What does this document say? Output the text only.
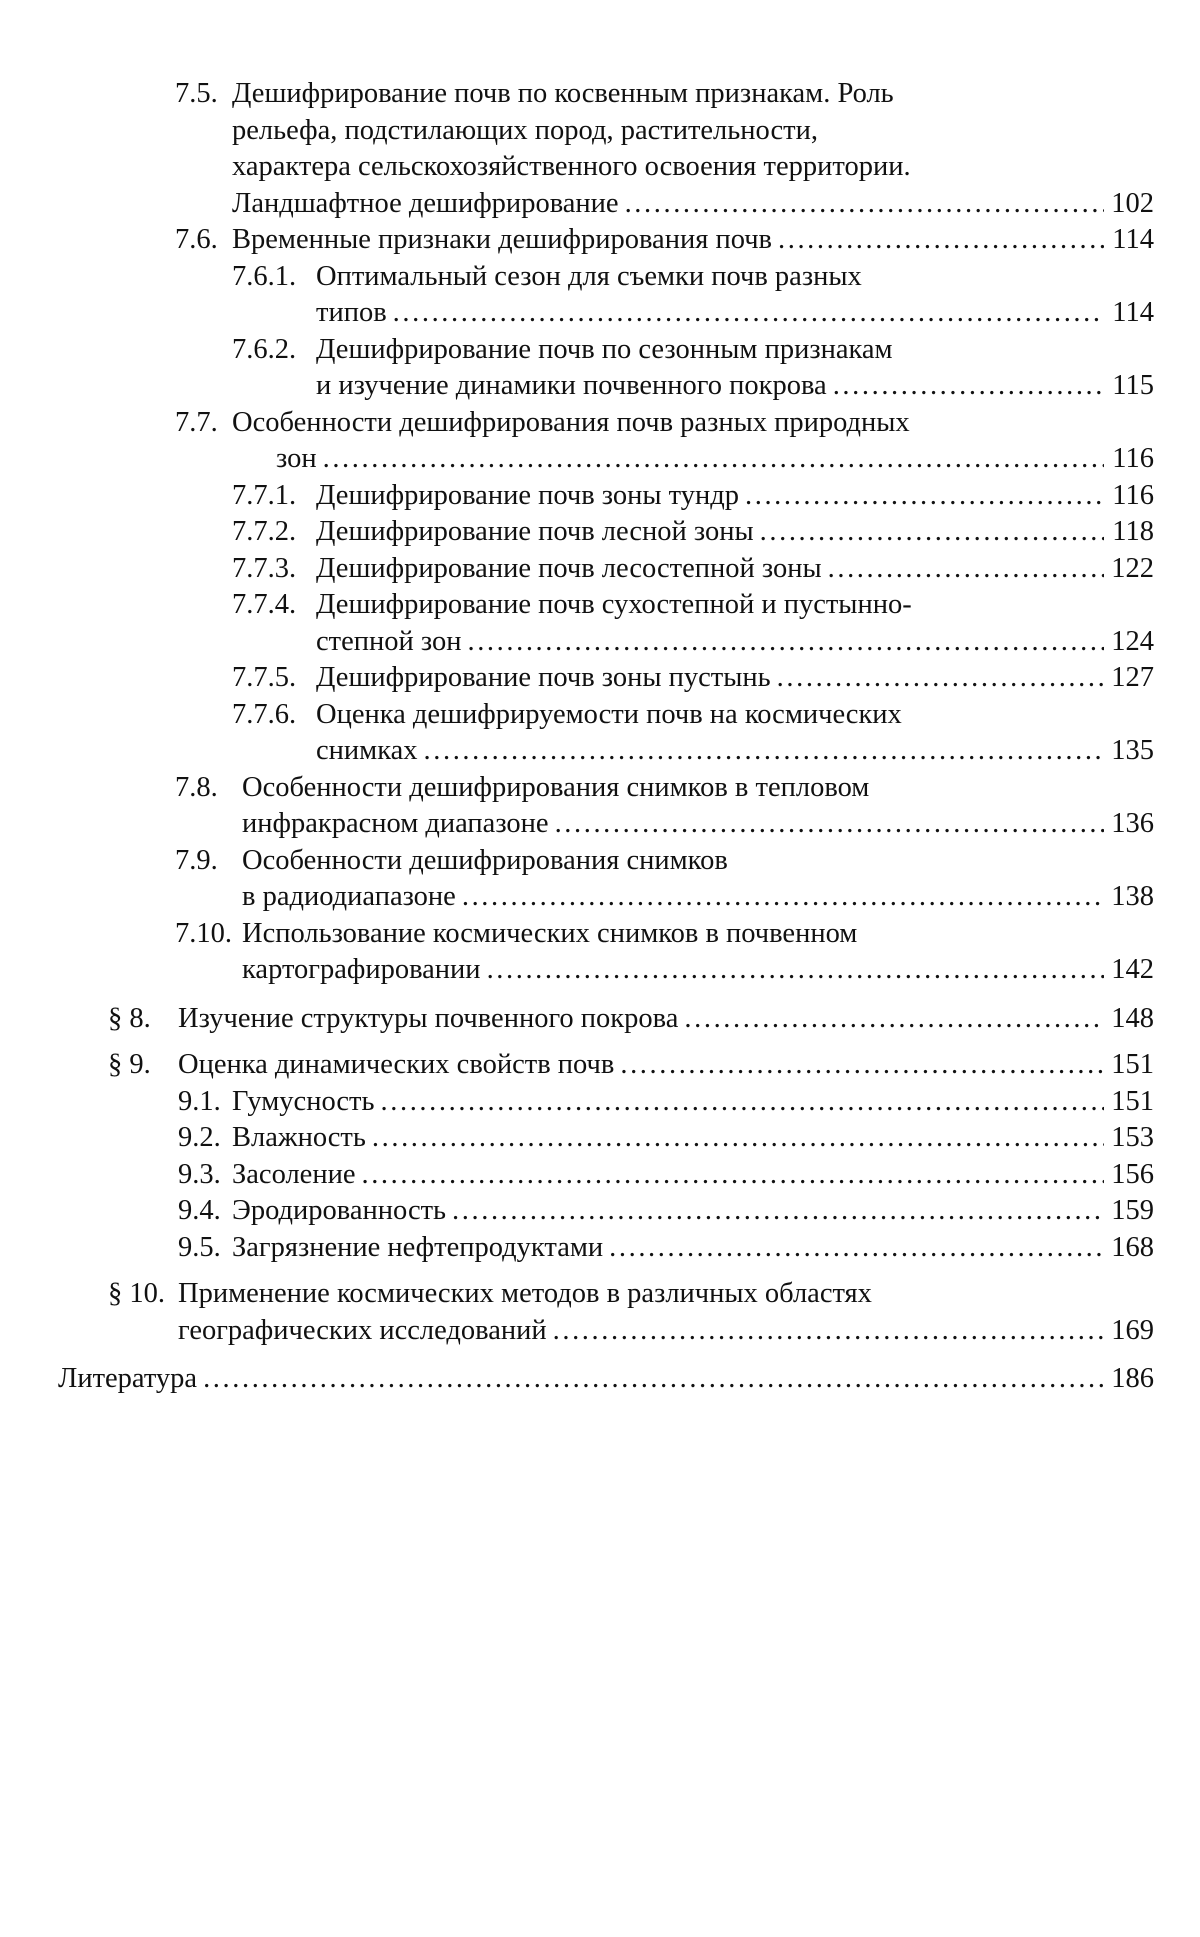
7.5. Дешифрирование почв по косвенным признакам. Роль
рельефа, подстилающих пород, растительности,
характера сельскохозяйственного освоения территории.
Ландшафтное дешифрирование .....	102
7.6. Временные признаки дешифрирования почв .....	114
7.6.1. Оптимальный сезон для съемки почв разных
типов .....	114
7.6.2. Дешифрирование почв по сезонным признакам
и изучение динамики почвенного покрова .....	115
7.7. Особенности дешифрирования почв разных природных
зон .....	116
7.7.1. Дешифрирование почв зоны тундр .....	116
7.7.2. Дешифрирование почв лесной зоны .....	118
7.7.3. Дешифрирование почв лесостепной зоны .....	122
7.7.4. Дешифрирование почв сухостепной и пустынно-
степной зон .....	124
7.7.5. Дешифрирование почв зоны пустынь .....	127
7.7.6. Оценка дешифрируемости почв на космических
снимках .....	135
7.8. Особенности дешифрирования снимков в тепловом
инфракрасном диапазоне .....	136
7.9. Особенности дешифрирования снимков
в радиодиапазоне .....	138
7.10. Использование космических снимков в почвенном
картографировании .....	142
§ 8. Изучение структуры почвенного покрова .....	148
§ 9. Оценка динамических свойств почв .....	151
9.1. Гумусность .....	151
9.2. Влажность .....	153
9.3. Засоление .....	156
9.4. Эродированность .....	159
9.5. Загрязнение нефтепродуктами .....	168
§ 10. Применение космических методов в различных областях
географических исследований .....	169
Литература .....	186
